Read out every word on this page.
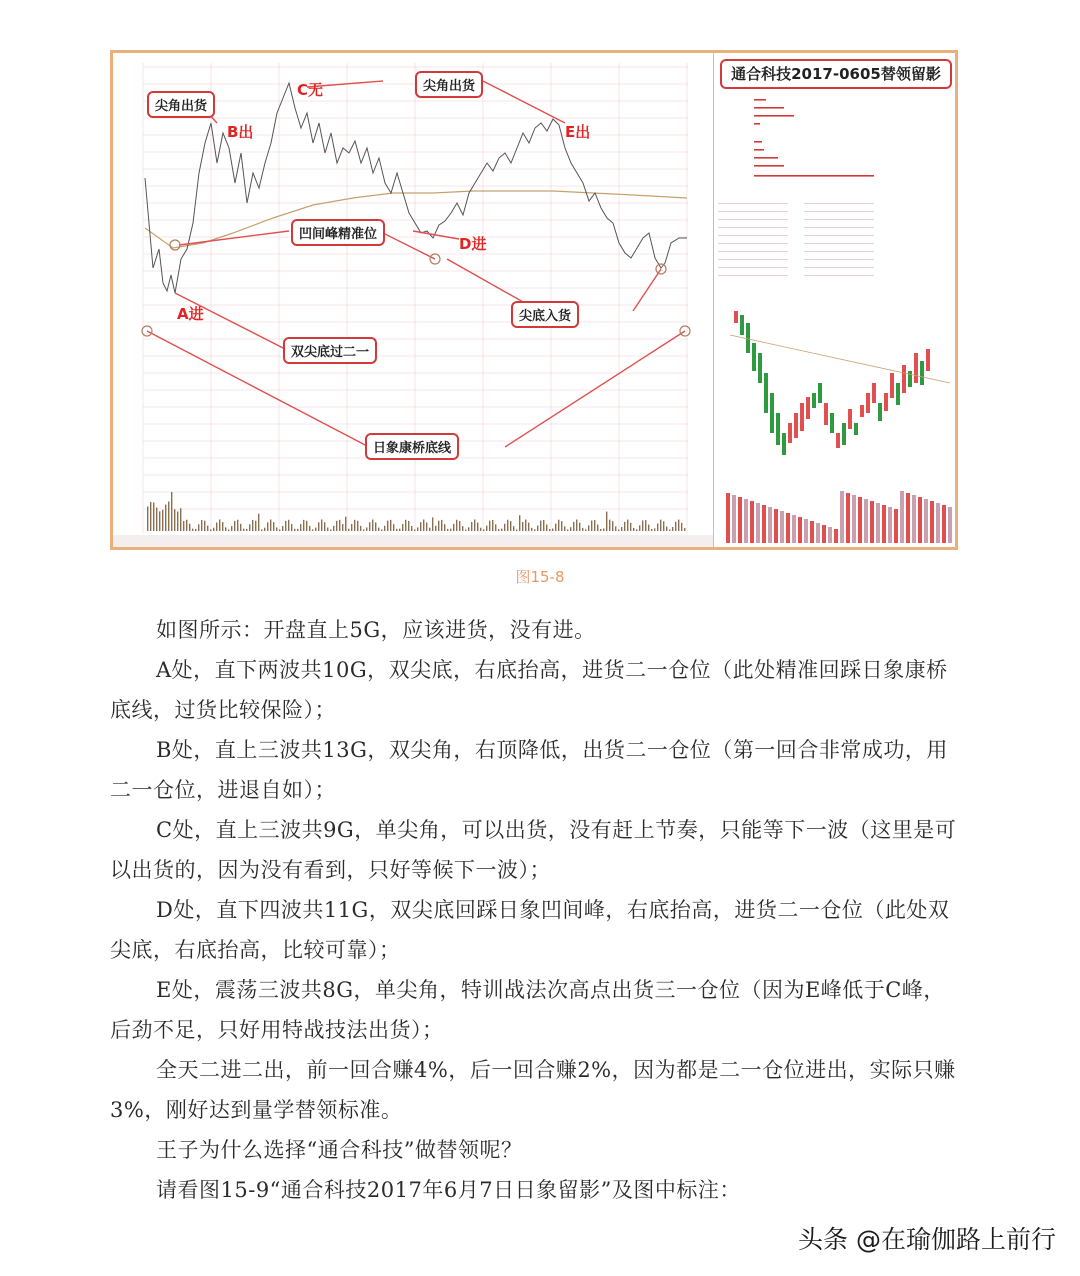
尖角出货
尖角出货
凹间峰精准位
尖底入货
双尖底过二一
日象康桥底线
A进
B出
C无
D进
E出
通合科技2017-0605替领留影
图15-8

如图所示：开盘直上5G，应该进货，没有进。

A处，直下两波共10G，双尖底，右底抬高，进货二一仓位（此处精准回踩日象康桥底线，过货比较保险）；

B处，直上三波共13G，双尖角，右顶降低，出货二一仓位（第一回合非常成功，用二一仓位，进退自如）；

C处，直上三波共9G，单尖角，可以出货，没有赶上节奏，只能等下一波（这里是可以出货的，因为没有看到，只好等候下一波）；

D处，直下四波共11G，双尖底回踩日象凹间峰，右底抬高，进货二一仓位（此处双尖底，右底抬高，比较可靠）；

E处，震荡三波共8G，单尖角，特训战法次高点出货三一仓位（因为E峰低于C峰，后劲不足，只好用特战技法出货）；

全天二进二出，前一回合赚4%，后一回合赚2%，因为都是二一仓位进出，实际只赚3%，刚好达到量学替领标准。

王子为什么选择“通合科技”做替领呢？

请看图15-9“通合科技2017年6月7日日象留影”及图中标注：

头条 @在瑜伽路上前行
